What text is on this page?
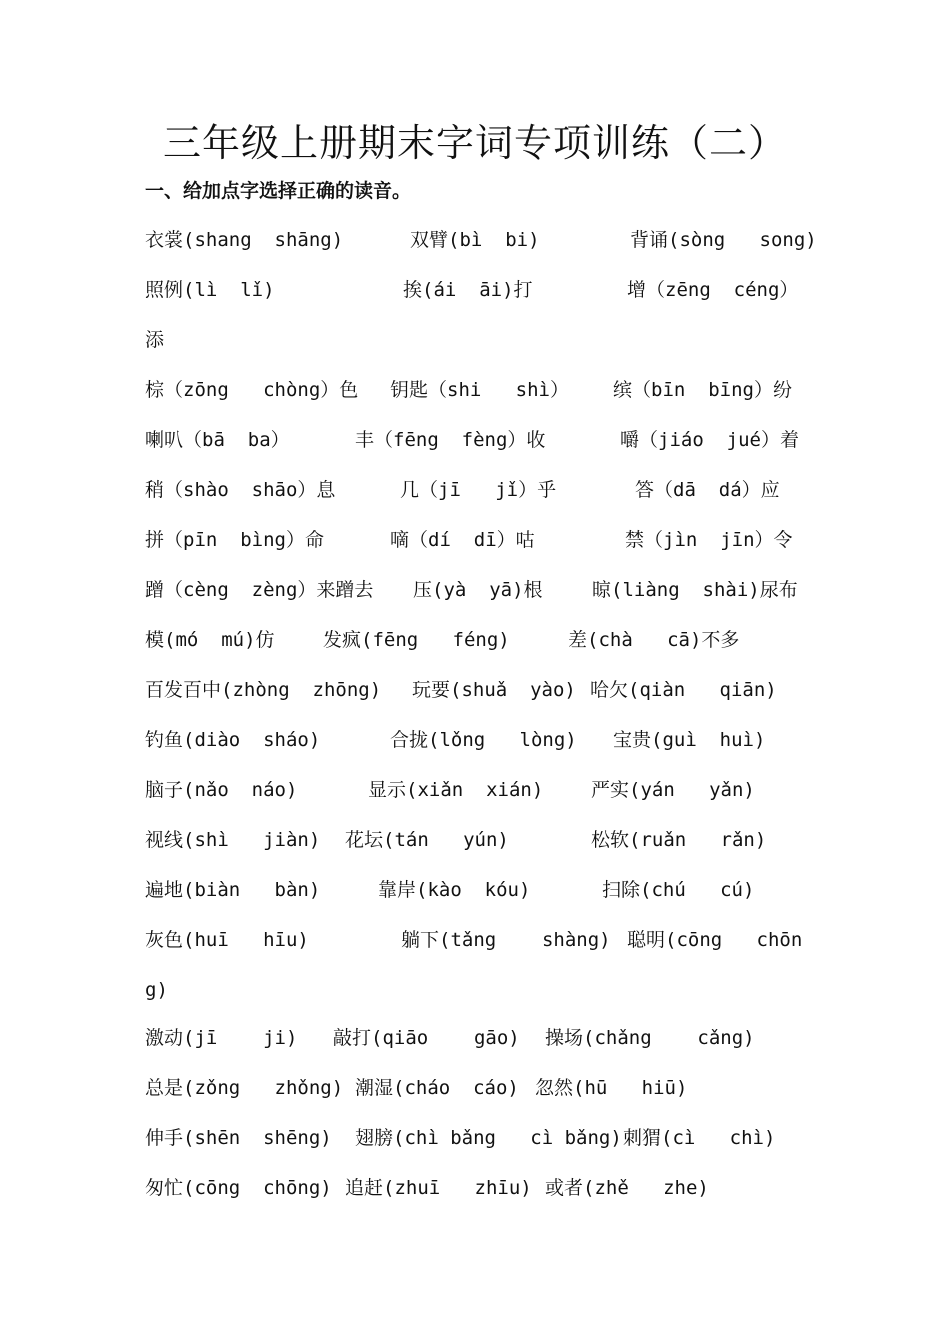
三年级上册期末字词专项训练（二）
一、给加点字选择正确的读音。
衣裳(shang  shāng)	双臂(bì  bi)	背诵(sòng   song)
照例(lì  lǐ)	挨(ái  āi)打	增（zēng  céng）
添
棕（zōng   chòng）色 钥匙（shi   shì） 缤（bīn  bīng）纷
喇叭（bā  ba）	丰（fēng  fèng）收	嚼（jiáo  jué）着
稍（shào  shāo）息	几（jī   jǐ）乎	答（dā  dá）应
拼（pīn  bìng）命	嘀（dí  dī）咕	禁（jìn  jīn）令
蹭（cèng  zèng）来蹭去 压(yà  yā)根	晾(liàng  shài)尿布
模(mó  mú)仿	发疯(fēng   féng)	差(chà   cā)不多
百发百中(zhòng  zhōng) 玩要(shuǎ  yào) 哈欠(qiàn   qiān)
钓鱼(diào  sháo)	合拢(lǒng   lòng) 宝贵(guì  huì)
脑子(nǎo  náo)	显示(xiǎn  xián)	严实(yán   yǎn)
视线(shì   jiàn) 花坛(tán   yún)	松软(ruǎn   rǎn)
遍地(biàn   bàn)	靠岸(kào  kóu)	扫除(chú   cú)
灰色(huī   hīu)	躺下(tǎng    shàng) 聪明(cōng   chōn
g)
激动(jī    ji) 敲打(qiāo    gāo) 操场(chǎng    cǎng)
总是(zǒng   zhǒng) 潮湿(cháo  cáo) 忽然(hū   hiū)
伸手(shēn  shēng) 翅膀(chì bǎng   cì bǎng) 刺猬(cì   chì)
匆忙(cōng  chōng) 追赶(zhuī   zhīu) 或者(zhě   zhe)
